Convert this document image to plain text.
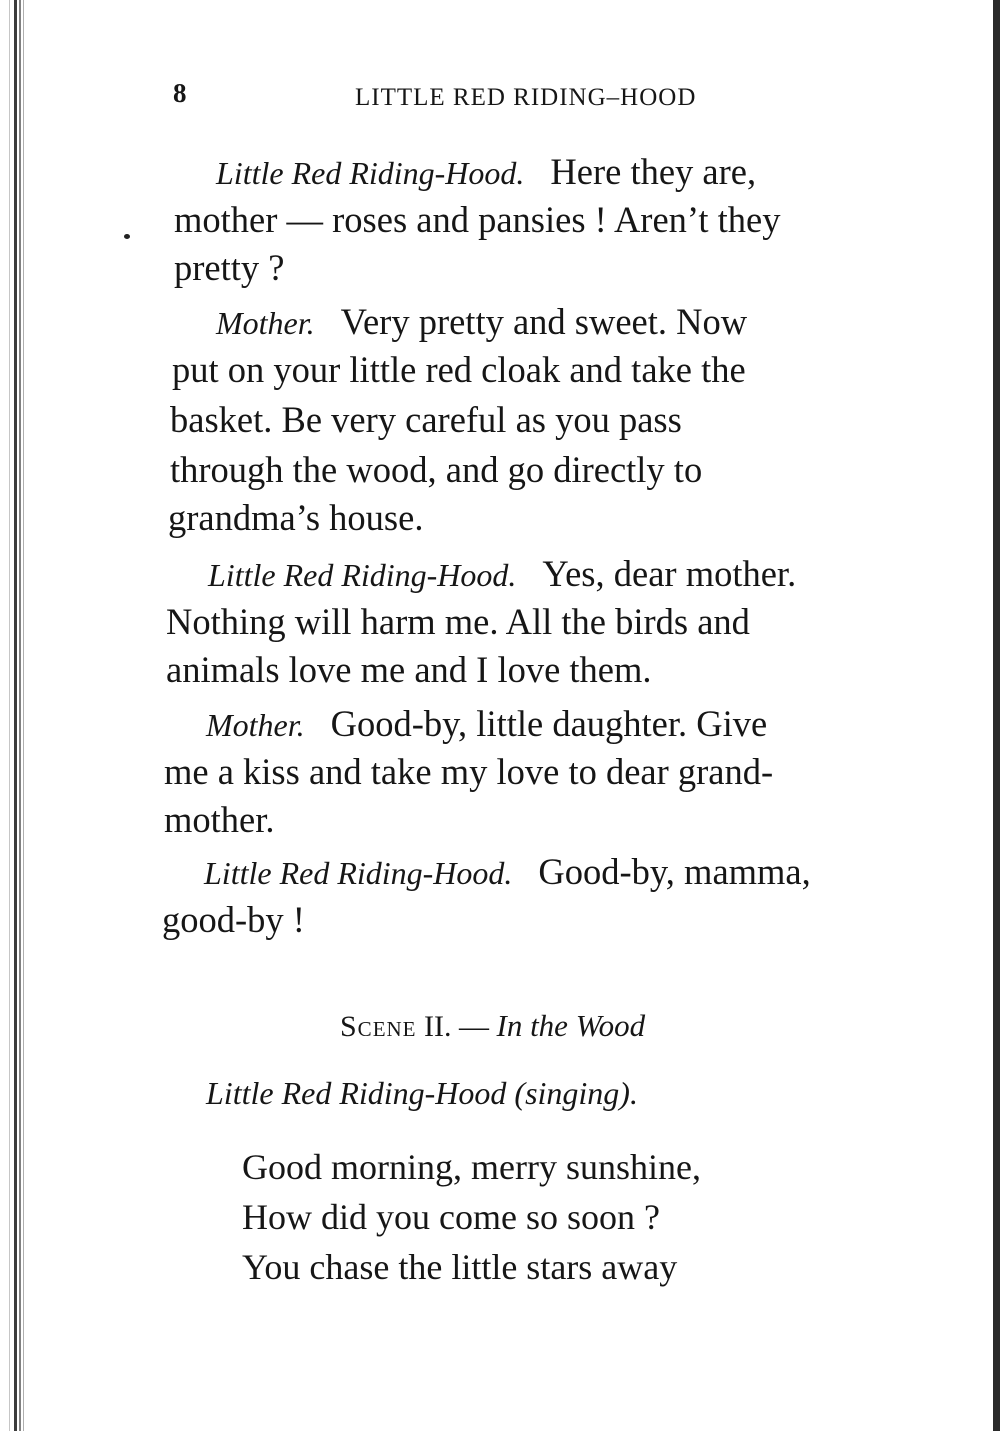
8	LITTLE RED RIDING–HOOD
Little Red Riding-Hood. Here they are,
mother — roses and pansies ! Aren’t they
pretty ?
Mother. Very pretty and sweet. Now
put on your little red cloak and take the
basket. Be very careful as you pass
through the wood, and go directly to
grandma’s house.
Little Red Riding-Hood. Yes, dear mother.
Nothing will harm me. All the birds and
animals love me and I love them.
Mother. Good-by, little daughter. Give
me a kiss and take my love to dear grand-
mother.
Little Red Riding-Hood. Good-by, mamma,
good-by !
Scene II. — In the Wood
Little Red Riding-Hood (singing).
Good morning, merry sunshine,
How did you come so soon ?
You chase the little stars away
